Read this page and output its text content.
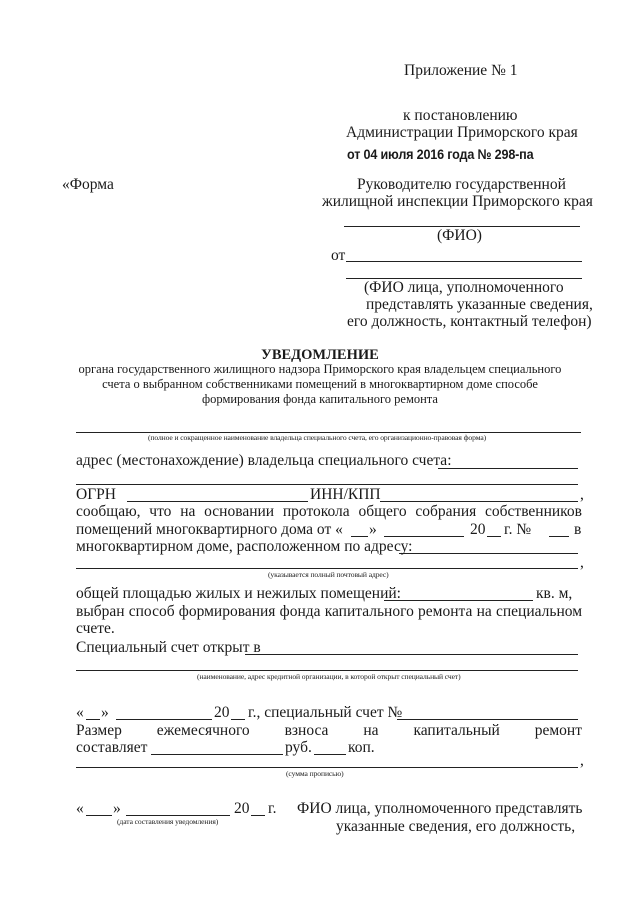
Приложение № 1
к постановлению
Администрации Приморского края
от 04 июля 2016 года № 298-па
«Форма	Руководителю государственной
жилищной инспекции Приморского края
(ФИО)
от
(ФИО лица, уполномоченного
представлять указанные сведения,
его должность, контактный телефон)
УВЕДОМЛЕНИЕ
органа государственного жилищного надзора Приморского края владельцем специального
счета о выбранном собственниками помещений в многоквартирном доме способе
формирования фонда капитального ремонта
(полное и сокращенное наименование владельца специального счета, его организационно-правовая форма)
адрес (местонахождение) владельца специального счета:
ОГРН	ИНН/КПП	,
сообщаю, что на основании протокола общего собрания собственников
помещений многоквартирного дома от « »	20 г. №	в
многоквартирном доме, расположенном по адресу:
,
(указывается полный почтовый адрес)
общей площадью жилых и нежилых помещений:	кв. м,
выбран способ формирования фонда капитального ремонта на специальном
счете.
Специальный счет открыт в
(наименование, адрес кредитной организации, в которой открыт специальный счет)
« »	20 г., специальный счет №
Размер ежемесячного взноса на капитальный ремонт
составляет	руб. коп.
,
(сумма прописью)
« »	20 г.
(дата составления уведомления)
ФИО лица, уполномоченного представлять
указанные сведения, его должность,
